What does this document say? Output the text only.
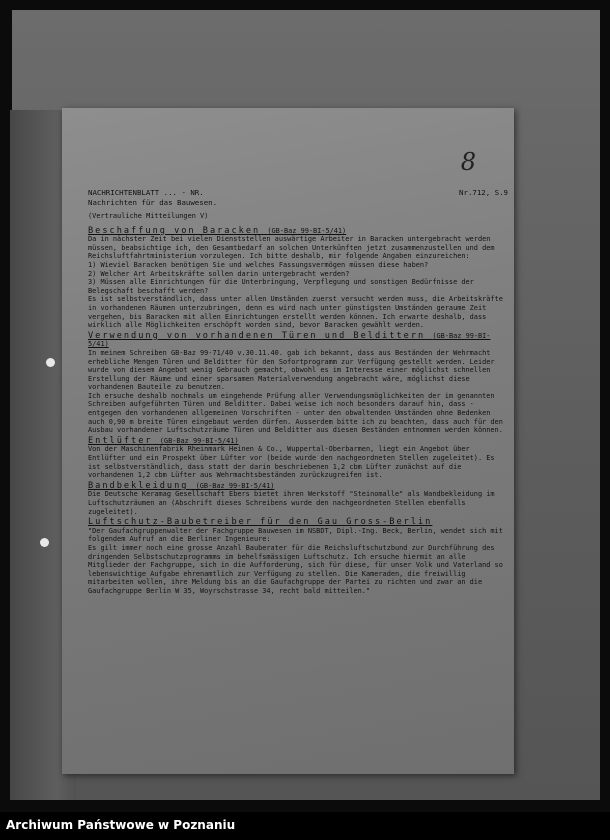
8
NACHRICHTENBLATT ... - NR.
Nachrichten für das Bauwesen.
Nr.712, S.9

(Vertrauliche Mitteilungen V)

Beschaffung von Baracken (GB-Baz 99-BI-5/41)

Da in nächster Zeit bei vielen Dienststellen auswärtige Arbeiter in Baracken untergebracht werden müssen, beabsichtige ich, den Gesamtbedarf an solchen Unterkünften jetzt zusammenzustellen und dem Reichsluftfahrtministerium vorzulegen. Ich bitte deshalb, mir folgende Angaben einzureichen:

1) Wieviel Baracken benötigen Sie und welches Fassungsvermögen müssen diese haben?

2) Welcher Art Arbeitskräfte sollen darin untergebracht werden?

3) Müssen alle Einrichtungen für die Unterbringung, Verpflegung und sonstigen Bedürfnisse der Belegschaft beschafft werden?

Es ist selbstverständlich, dass unter allen Umständen zuerst versucht werden muss, die Arbeitskräfte in vorhandenen Räumen unterzubringen, denn es wird nach unter günstigsten Umständen geraume Zeit vergehen, bis Baracken mit allen Einrichtungen erstellt werden können. Ich erwarte deshalb, dass wirklich alle Möglichkeiten erschöpft worden sind, bevor Baracken gewählt werden.

Verwendung von vorhandenen Türen und Beldittern (GB-Baz 99-BI-5/41)

In meinem Schreiben GB-Baz 99-71/40 v.30.11.40. gab ich bekannt, dass aus Beständen der Wehrmacht erhebliche Mengen Türen und Belditter für den Sofortprogramm zur Verfügung gestellt werden. Leider wurde von diesem Angebot wenig Gebrauch gemacht, obwohl es im Interesse einer möglichst schnellen Erstellung der Räume und einer sparsamen Materialverwendung angebracht wäre, möglichst diese vorhandenen Bauteile zu benutzen.

Ich ersuche deshalb nochmals um eingehende Prüfung aller Verwendungsmöglichkeiten der im genannten Schreiben aufgeführten Türen und Belditter. Dabei weise ich noch besonders darauf hin, dass - entgegen den vorhandenen allgemeinen Vorschriften - unter den obwaltenden Umständen ohne Bedenken auch 0,90 m breite Türen eingebaut werden dürfen. Ausserdem bitte ich zu beachten, dass auch für den Ausbau vorhandener Luftschutzräume Türen und Belditter aus diesen Beständen entnommen werden können.

Entlüfter (GB-Baz 99-BI-5/41)

Von der Maschinenfabrik Rheinmark Heinen & Co., Wuppertal-Oberbarmen, liegt ein Angebot über Entlüfter und ein Prospekt über Lüfter vor (beide wurde den nachgeordneten Stellen zugeleitet). Es ist selbstverständlich, dass statt der darin beschriebenen 1,2 cbm Lüfter zunächst auf die vorhandenen 1,2 cbm Lüfter aus Wehrmachtsbeständen zurückzugreifen ist.

Bandbekleidung (GB-Baz 99-BI-5/41)

Die Deutsche Keramag Gesellschaft Ebers bietet ihren Werkstoff "Steinomalle" als Wandbekleidung im Luftschutzräumen an (Abschrift dieses Schreibens wurde den nachgeordneten Stellen ebenfalls zugeleitet).

Luftschutz-Baubetreiber für den Gau Gross-Berlin

"Der Gaufachgruppenwalter der Fachgruppe Bauwesen im NSBDT, Dipl.-Ing. Beck, Berlin, wendet sich mit folgendem Aufruf an die Berliner Ingenieure:

Es gilt immer noch eine grosse Anzahl Bauberater für die Reichsluftschutzbund zur Durchführung des dringenden Selbstschutzprogramms im behelfsmässigen Luftschutz. Ich ersuche hiermit an alle Mitglieder der Fachgruppe, sich in die Aufforderung, sich für diese, für unser Volk und Vaterland so lebenswichtige Aufgabe ehrenamtlich zur Verfügung zu stellen. Die Kameraden, die freiwillig mitarbeiten wollen, ihre Meldung bis an die Gaufachgruppe der Partei zu richten und zwar an die Gaufachgruppe Berlin W 35, Woyrschstrasse 34, recht bald mitteilen."

Archiwum Państwowe w Poznaniu
